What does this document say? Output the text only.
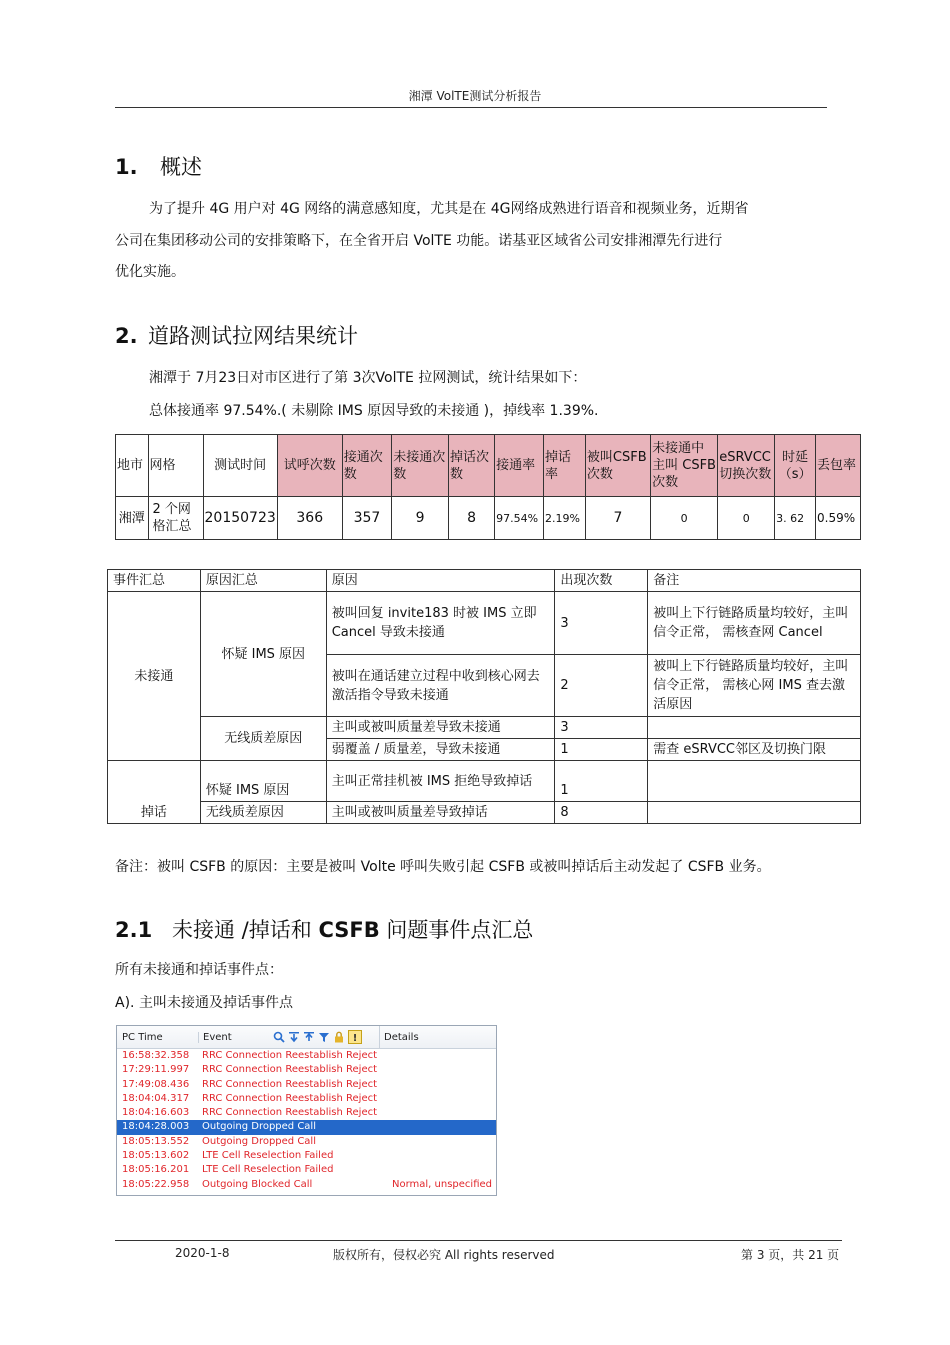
湘潭 VolTE测试分析报告
1. 概述
为了提升 4G 用户对 4G 网络的满意感知度，尤其是在 4G网络成熟进行语音和视频业务，近期省
公司在集团移动公司的安排策略下，在全省开启 VolTE 功能。诺基亚区域省公司安排湘潭先行进行
优化实施。
2. 道路测试拉网结果统计
湘潭于 7月23日对市区进行了第 3次VolTE 拉网测试，统计结果如下：
总体接通率 97.54%.( 未剔除 IMS 原因导致的未接通 )，掉线率 1.39%.
地市	网格	测试时间	试呼次数	接通次数	未接通次数	掉话次数	接通率	掉话率	被叫CSFB次数	未接通中主叫 CSFB次数	eSRVCC切换次数	时延（s）	丢包率
湘潭	2 个网格汇总	20150723	366	357	9	8	97.54%	2.19%	7	0	0	3. 62	0.59%
事件汇总	原因汇总	原因	出现次数	备注
未接通	怀疑 IMS 原因	被叫回复 invite183 时被 IMS 立即 Cancel 导致未接通	3	被叫上下行链路质量均较好，主叫信令正常， 需核查网 Cancel
		被叫在通话建立过程中收到核心网去激活指令导致未接通	2	被叫上下行链路质量均较好，主叫信令正常， 需核心网 IMS 查去激活原因
	无线质差原因	主叫或被叫质量差导致未接通	3	
		弱覆盖 / 质量差，导致未接通	1	需查 eSRVCC邻区及切换门限
掉话	怀疑 IMS 原因	主叫正常挂机被 IMS 拒绝导致掉话	1	
	无线质差原因	主叫或被叫质量差导致掉话	8	
备注：被叫 CSFB 的原因：主要是被叫 Volte 呼叫失败引起 CSFB 或被叫掉话后主动发起了 CSFB 业务。
2.1 未接通 /掉话和 CSFB 问题事件点汇总
所有未接通和掉话事件点：
A). 主叫未接通及掉话事件点
PC Time	Event	!	Details
16:58:32.358	RRC Connection Reestablish Reject
17:29:11.997	RRC Connection Reestablish Reject
17:49:08.436	RRC Connection Reestablish Reject
18:04:04.317	RRC Connection Reestablish Reject
18:04:16.603	RRC Connection Reestablish Reject
18:04:28.003	Outgoing Dropped Call
18:05:13.552	Outgoing Dropped Call
18:05:13.602	LTE Cell Reselection Failed
18:05:16.201	LTE Cell Reselection Failed
18:05:22.958	Outgoing Blocked Call	Normal, unspecified
2020-1-8	版权所有，侵权必究 All rights reserved	第 3 页，共 21 页
